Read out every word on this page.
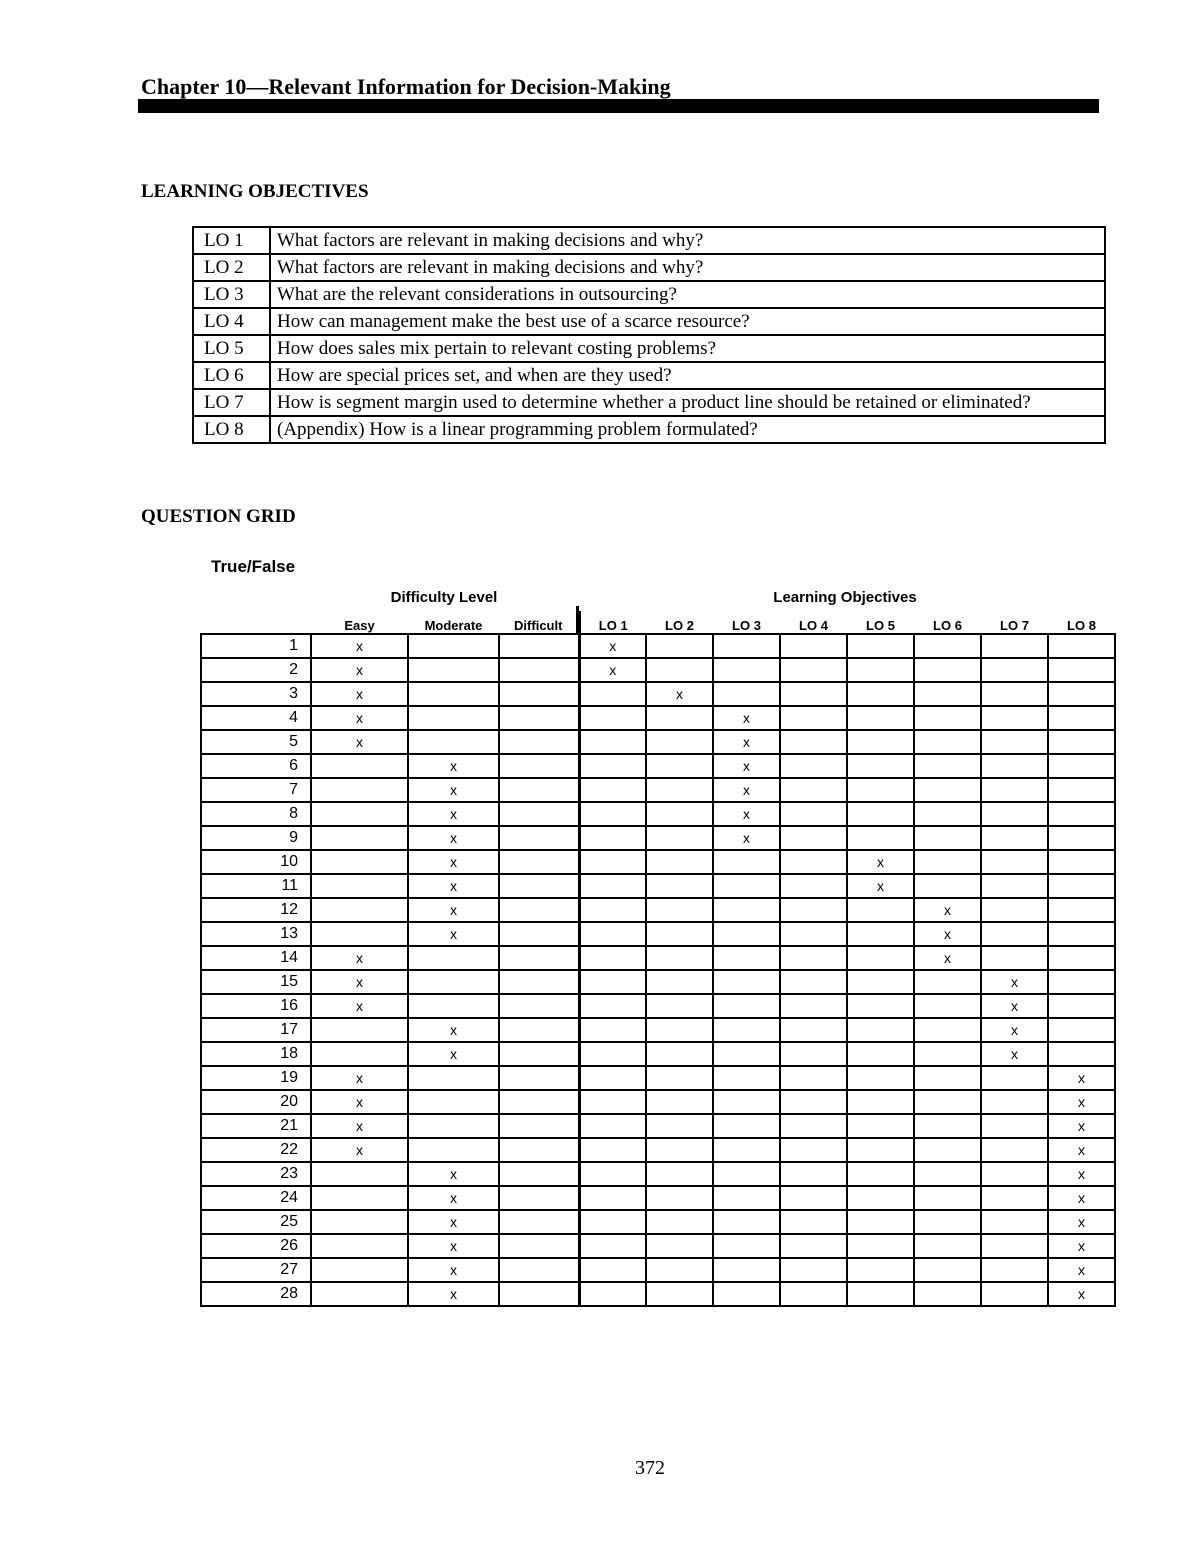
Chapter 10—Relevant Information for Decision-Making
LEARNING OBJECTIVES
LO 1	What factors are relevant in making decisions and why?
LO 2	What factors are relevant in making decisions and why?
LO 3	What are the relevant considerations in outsourcing?
LO 4	How can management make the best use of a scarce resource?
LO 5	How does sales mix pertain to relevant costing problems?
LO 6	How are special prices set, and when are they used?
LO 7	How is segment margin used to determine whether a product line should be retained or eliminated?
LO 8	(Appendix) How is a linear programming problem formulated?
QUESTION GRID
True/False
Difficulty Level	Learning Objectives
	Easy	Moderate	Difficult	LO 1	LO 2	LO 3	LO 4	LO 5	LO 6	LO 7	LO 8
1	x			x							
2	x			x							
3	x				x						
4	x					x					
5	x					x					
6		x				x					
7		x				x					
8		x				x					
9		x				x					
10		x						x			
11		x						x			
12		x							x		
13		x							x		
14	x								x		
15	x									x	
16	x									x	
17		x								x	
18		x								x	
19	x										x
20	x										x
21	x										x
22	x										x
23		x									x
24		x									x
25		x									x
26		x									x
27		x									x
28		x									x
372
